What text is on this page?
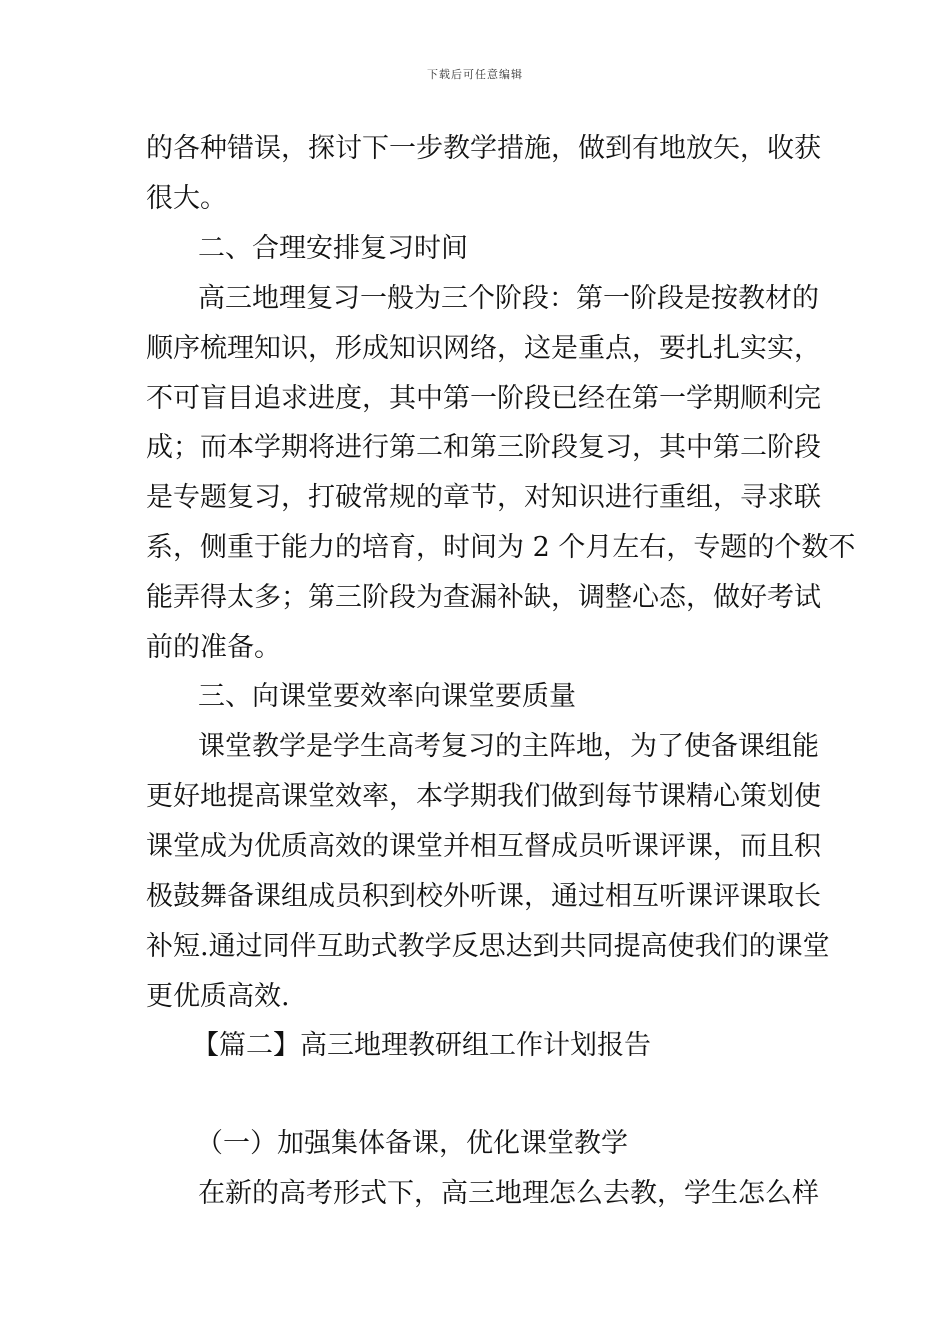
下载后可任意编辑
的各种错误，探讨下一步教学措施，做到有地放矢，收获
很大。
二、合理安排复习时间
高三地理复习一般为三个阶段：第一阶段是按教材的
顺序梳理知识，形成知识网络，这是重点，要扎扎实实，
不可盲目追求进度，其中第一阶段已经在第一学期顺利完
成；而本学期将进行第二和第三阶段复习，其中第二阶段
是专题复习，打破常规的章节，对知识进行重组，寻求联
系，侧重于能力的培育，时间为 2 个月左右，专题的个数不
能弄得太多；第三阶段为查漏补缺，调整心态，做好考试
前的准备。
三、向课堂要效率向课堂要质量
课堂教学是学生高考复习的主阵地，为了使备课组能
更好地提高课堂效率，本学期我们做到每节课精心策划使
课堂成为优质高效的课堂并相互督成员听课评课，而且积
极鼓舞备课组成员积到校外听课，通过相互听课评课取长
补短.通过同伴互助式教学反思达到共同提高使我们的课堂
更优质高效.
【篇二】高三地理教研组工作计划报告
（一）加强集体备课，优化课堂教学
在新的高考形式下，高三地理怎么去教，学生怎么样
